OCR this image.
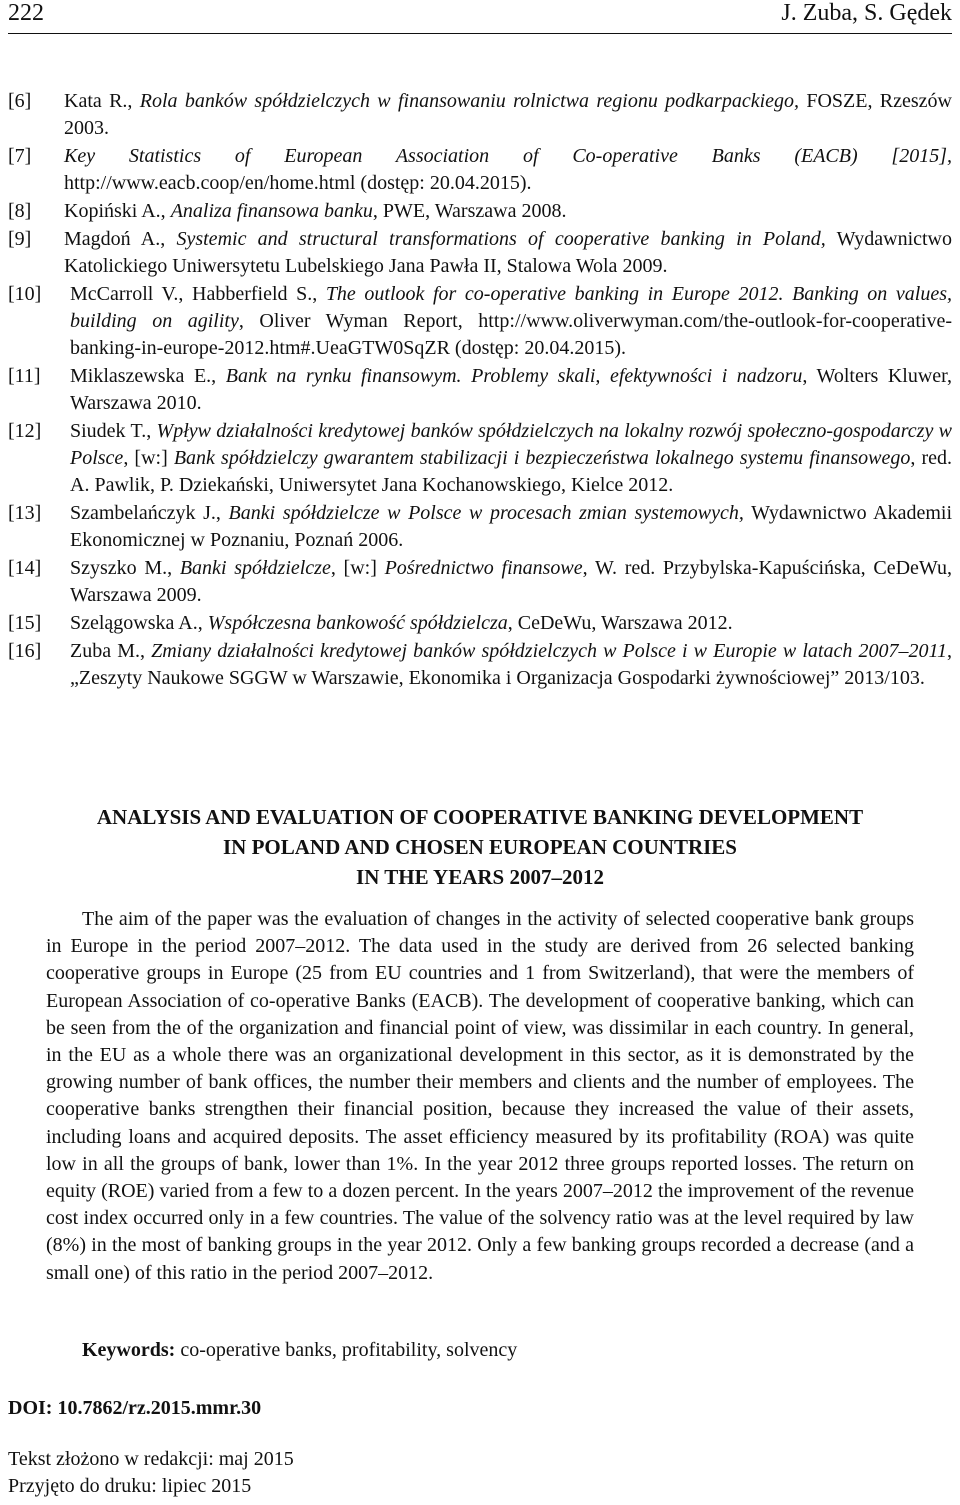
222	J. Zuba, S. Gędek
[6] Kata R., Rola banków spółdzielczych w finansowaniu rolnictwa regionu podkarpackiego, FOSZE, Rzeszów 2003.
[7] Key Statistics of European Association of Co-operative Banks (EACB) [2015], http://www.eacb.coop/en/home.html (dostęp: 20.04.2015).
[8] Kopiński A., Analiza finansowa banku, PWE, Warszawa 2008.
[9] Magdoń A., Systemic and structural transformations of cooperative banking in Poland, Wydawnictwo Katolickiego Uniwersytetu Lubelskiego Jana Pawła II, Stalowa Wola 2009.
[10] McCarroll V., Habberfield S., The outlook for co-operative banking in Europe 2012. Banking on values, building on agility, Oliver Wyman Report, http://www.oliverwyman.com/the-outlook-for-cooperative-banking-in-europe-2012.htm#.UeaGTW0SqZR (dostęp: 20.04.2015).
[11] Miklaszewska E., Bank na rynku finansowym. Problemy skali, efektywności i nadzoru, Wolters Kluwer, Warszawa 2010.
[12] Siudek T., Wpływ działalności kredytowej banków spółdzielczych na lokalny rozwój społeczno-gospodarczy w Polsce, [w:] Bank spółdzielczy gwarantem stabilizacji i bezpieczeństwa lokalnego systemu finansowego, red. A. Pawlik, P. Dziekański, Uniwersytet Jana Kochanowskiego, Kielce 2012.
[13] Szambelańczyk J., Banki spółdzielcze w Polsce w procesach zmian systemowych, Wydawnictwo Akademii Ekonomicznej w Poznaniu, Poznań 2006.
[14] Szyszko M., Banki spółdzielcze, [w:] Pośrednictwo finansowe, W. red. Przybylska-Kapuścińska, CeDeWu, Warszawa 2009.
[15] Szelągowska A., Współczesna bankowość spółdzielcza, CeDeWu, Warszawa 2012.
[16] Zuba M., Zmiany działalności kredytowej banków spółdzielczych w Polsce i w Europie w latach 2007–2011, „Zeszyty Naukowe SGGW w Warszawie, Ekonomika i Organizacja Gospodarki żywnościowej” 2013/103.
ANALYSIS AND EVALUATION OF COOPERATIVE BANKING DEVELOPMENT
IN POLAND AND CHOSEN EUROPEAN COUNTRIES
IN THE YEARS 2007–2012
The aim of the paper was the evaluation of changes in the activity of selected cooperative bank groups in Europe in the period 2007–2012. The data used in the study are derived from 26 selected banking cooperative groups in Europe (25 from EU countries and 1 from Switzerland), that were the members of European Association of co-operative Banks (EACB). The development of cooperative banking, which can be seen from the of the organization and financial point of view, was dissimilar in each country. In general, in the EU as a whole there was an organizational development in this sector, as it is demonstrated by the growing number of bank offices, the number their members and clients and the number of employees. The cooperative banks strengthen their financial position, because they increased the value of their assets, including loans and acquired deposits. The asset efficiency measured by its profitability (ROA) was quite low in all the groups of bank, lower than 1%. In the year 2012 three groups reported losses. The return on equity (ROE) varied from a few to a dozen percent. In the years 2007–2012 the improvement of the revenue cost index occurred only in a few countries. The value of the solvency ratio was at the level required by law (8%) in the most of banking groups in the year 2012. Only a few banking groups recorded a decrease (and a small one) of this ratio in the period 2007–2012.
Keywords: co-operative banks, profitability, solvency
DOI: 10.7862/rz.2015.mmr.30
Tekst złożono w redakcji: maj 2015
Przyjęto do druku: lipiec 2015
